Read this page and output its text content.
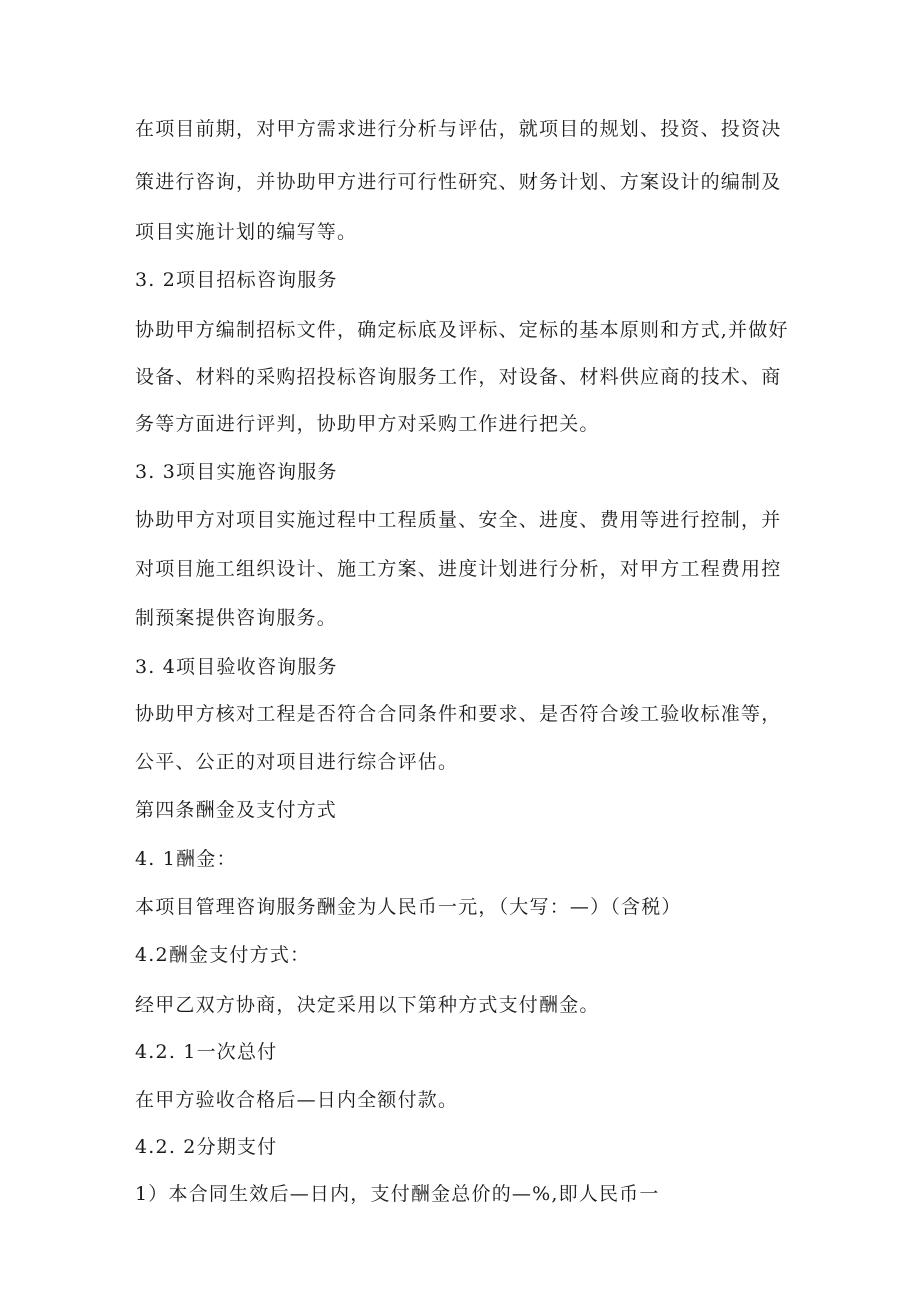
在项目前期，对甲方需求进行分析与评估，就项目的规划、投资、投资决
策进行咨询，并协助甲方进行可行性研究、财务计划、方案设计的编制及
项目实施计划的编写等。
3. 2项目招标咨询服务
协助甲方编制招标文件，确定标底及评标、定标的基本原则和方式,并做好
设备、材料的采购招投标咨询服务工作，对设备、材料供应商的技术、商
务等方面进行评判，协助甲方对采购工作进行把关。
3. 3项目实施咨询服务
协助甲方对项目实施过程中工程质量、安全、进度、费用等进行控制，并
对项目施工组织设计、施工方案、进度计划进行分析，对甲方工程费用控
制预案提供咨询服务。
3. 4项目验收咨询服务
协助甲方核对工程是否符合合同条件和要求、是否符合竣工验收标准等，
公平、公正的对项目进行综合评估。
第四条酬金及支付方式
4. 1酬金：
本项目管理咨询服务酬金为人民币一元，（大写：—）（含税）
4.2酬金支付方式：
经甲乙双方协商，决定采用以下第种方式支付酬金。
4.2. 1一次总付
在甲方验收合格后—日内全额付款。
4.2. 2分期支付
1）本合同生效后—日内，支付酬金总价的—%,即人民币一
